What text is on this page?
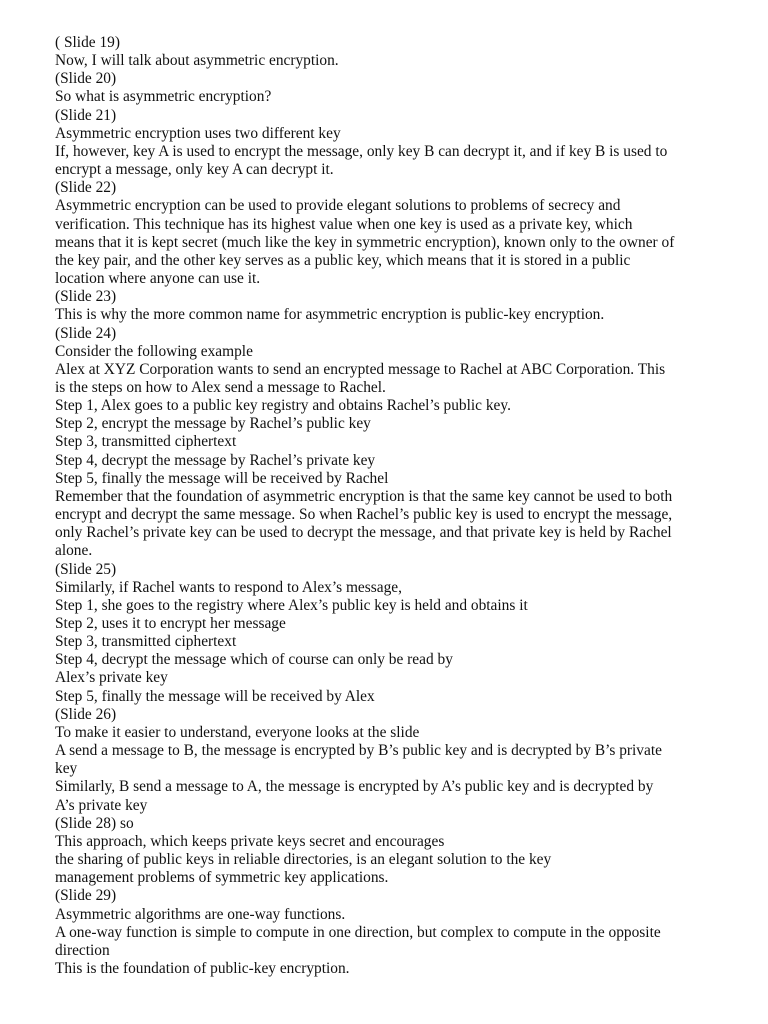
( Slide 19)
Now, I will talk about asymmetric encryption.
(Slide 20)
So what is asymmetric encryption?
(Slide 21)
Asymmetric encryption uses two different key
If, however, key A is used to encrypt the message, only key B can decrypt it, and if key B is used to
encrypt a message, only key A can decrypt it.
(Slide 22)
Asymmetric encryption can be used to provide elegant solutions to problems of secrecy and
verification. This technique has its highest value when one key is used as a private key, which
means that it is kept secret (much like the key in symmetric encryption), known only to the owner of
the key pair, and the other key serves as a public key, which means that it is stored in a public
location where anyone can use it.
(Slide 23)
This is why the more common name for asymmetric encryption is public-key encryption.
(Slide 24)
Consider the following example
Alex at XYZ Corporation wants to send an encrypted message to Rachel at ABC Corporation. This
is the steps on how to Alex send a message to Rachel.
Step 1, Alex goes to a public key registry and obtains Rachel’s public key.
Step 2, encrypt the message by Rachel’s public key
Step 3, transmitted ciphertext
Step 4, decrypt the message by Rachel’s private key
Step 5, finally the message will be received by Rachel
Remember that the foundation of asymmetric encryption is that the same key cannot be used to both
encrypt and decrypt the same message. So when Rachel’s public key is used to encrypt the message,
only Rachel’s private key can be used to decrypt the message, and that private key is held by Rachel
alone.
(Slide 25)
Similarly, if Rachel wants to respond to Alex’s message,
Step 1, she goes to the registry where Alex’s public key is held and obtains it
Step 2, uses it to encrypt her message
Step 3, transmitted ciphertext
Step 4, decrypt the message which of course can only be read by
Alex’s private key
Step 5, finally the message will be received by Alex
(Slide 26)
To make it easier to understand, everyone looks at the slide
A send a message to B, the message is encrypted by B’s public key and is decrypted by B’s private
key
Similarly, B send a message to A, the message is encrypted by A’s public key and is decrypted by
A’s private key
(Slide 28) so
This approach, which keeps private keys secret and encourages
the sharing of public keys in reliable directories, is an elegant solution to the key
management problems of symmetric key applications.
(Slide 29)
Asymmetric algorithms are one-way functions.
A one-way function is simple to compute in one direction, but complex to compute in the opposite
direction
This is the foundation of public-key encryption.
